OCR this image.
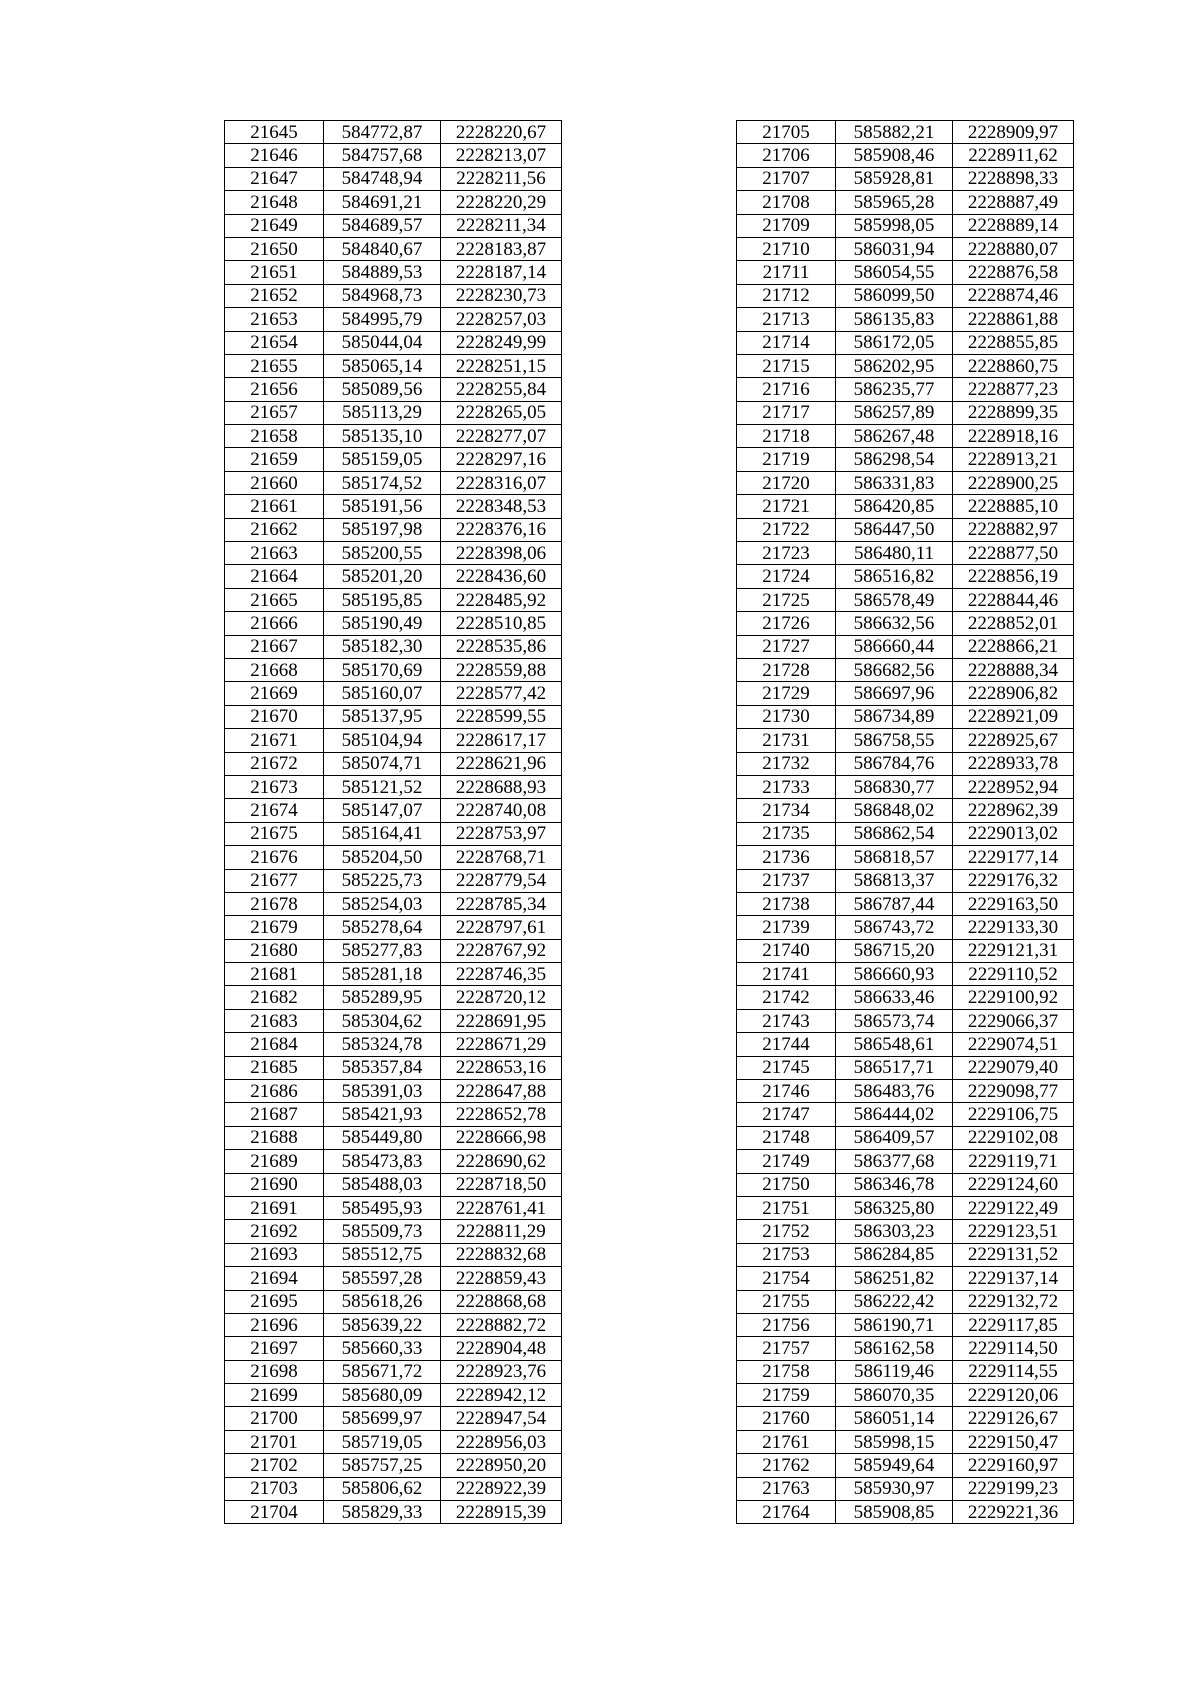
21645	584772,87	2228220,67
21646	584757,68	2228213,07
21647	584748,94	2228211,56
21648	584691,21	2228220,29
21649	584689,57	2228211,34
21650	584840,67	2228183,87
21651	584889,53	2228187,14
21652	584968,73	2228230,73
21653	584995,79	2228257,03
21654	585044,04	2228249,99
21655	585065,14	2228251,15
21656	585089,56	2228255,84
21657	585113,29	2228265,05
21658	585135,10	2228277,07
21659	585159,05	2228297,16
21660	585174,52	2228316,07
21661	585191,56	2228348,53
21662	585197,98	2228376,16
21663	585200,55	2228398,06
21664	585201,20	2228436,60
21665	585195,85	2228485,92
21666	585190,49	2228510,85
21667	585182,30	2228535,86
21668	585170,69	2228559,88
21669	585160,07	2228577,42
21670	585137,95	2228599,55
21671	585104,94	2228617,17
21672	585074,71	2228621,96
21673	585121,52	2228688,93
21674	585147,07	2228740,08
21675	585164,41	2228753,97
21676	585204,50	2228768,71
21677	585225,73	2228779,54
21678	585254,03	2228785,34
21679	585278,64	2228797,61
21680	585277,83	2228767,92
21681	585281,18	2228746,35
21682	585289,95	2228720,12
21683	585304,62	2228691,95
21684	585324,78	2228671,29
21685	585357,84	2228653,16
21686	585391,03	2228647,88
21687	585421,93	2228652,78
21688	585449,80	2228666,98
21689	585473,83	2228690,62
21690	585488,03	2228718,50
21691	585495,93	2228761,41
21692	585509,73	2228811,29
21693	585512,75	2228832,68
21694	585597,28	2228859,43
21695	585618,26	2228868,68
21696	585639,22	2228882,72
21697	585660,33	2228904,48
21698	585671,72	2228923,76
21699	585680,09	2228942,12
21700	585699,97	2228947,54
21701	585719,05	2228956,03
21702	585757,25	2228950,20
21703	585806,62	2228922,39
21704	585829,33	2228915,39
21705	585882,21	2228909,97
21706	585908,46	2228911,62
21707	585928,81	2228898,33
21708	585965,28	2228887,49
21709	585998,05	2228889,14
21710	586031,94	2228880,07
21711	586054,55	2228876,58
21712	586099,50	2228874,46
21713	586135,83	2228861,88
21714	586172,05	2228855,85
21715	586202,95	2228860,75
21716	586235,77	2228877,23
21717	586257,89	2228899,35
21718	586267,48	2228918,16
21719	586298,54	2228913,21
21720	586331,83	2228900,25
21721	586420,85	2228885,10
21722	586447,50	2228882,97
21723	586480,11	2228877,50
21724	586516,82	2228856,19
21725	586578,49	2228844,46
21726	586632,56	2228852,01
21727	586660,44	2228866,21
21728	586682,56	2228888,34
21729	586697,96	2228906,82
21730	586734,89	2228921,09
21731	586758,55	2228925,67
21732	586784,76	2228933,78
21733	586830,77	2228952,94
21734	586848,02	2228962,39
21735	586862,54	2229013,02
21736	586818,57	2229177,14
21737	586813,37	2229176,32
21738	586787,44	2229163,50
21739	586743,72	2229133,30
21740	586715,20	2229121,31
21741	586660,93	2229110,52
21742	586633,46	2229100,92
21743	586573,74	2229066,37
21744	586548,61	2229074,51
21745	586517,71	2229079,40
21746	586483,76	2229098,77
21747	586444,02	2229106,75
21748	586409,57	2229102,08
21749	586377,68	2229119,71
21750	586346,78	2229124,60
21751	586325,80	2229122,49
21752	586303,23	2229123,51
21753	586284,85	2229131,52
21754	586251,82	2229137,14
21755	586222,42	2229132,72
21756	586190,71	2229117,85
21757	586162,58	2229114,50
21758	586119,46	2229114,55
21759	586070,35	2229120,06
21760	586051,14	2229126,67
21761	585998,15	2229150,47
21762	585949,64	2229160,97
21763	585930,97	2229199,23
21764	585908,85	2229221,36
